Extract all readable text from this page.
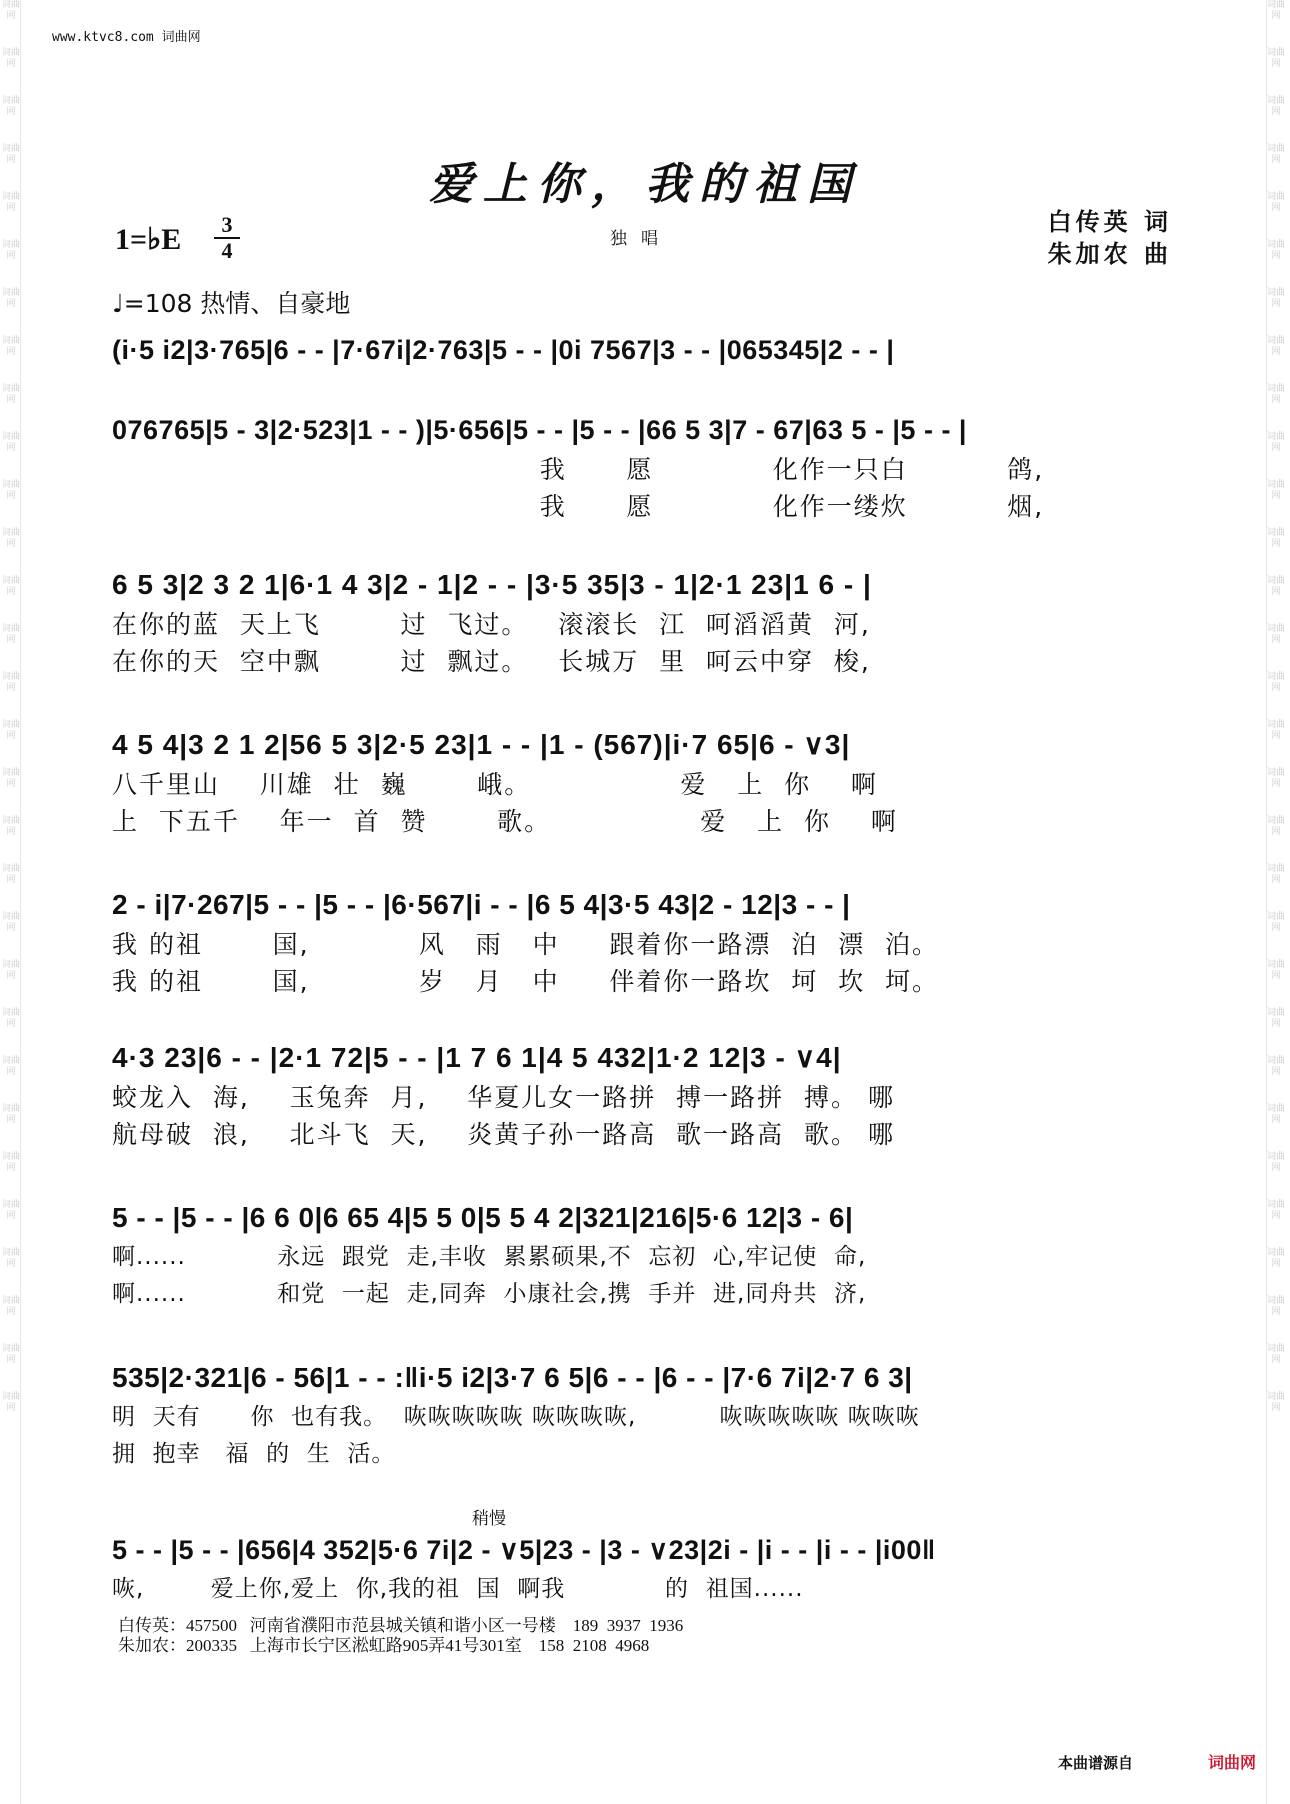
词曲网
词曲网
词曲网
词曲网
词曲网
词曲网
词曲网
词曲网
词曲网
词曲网
词曲网
词曲网
词曲网
词曲网
词曲网
词曲网
词曲网
词曲网
词曲网
词曲网
词曲网
词曲网
词曲网
词曲网
词曲网
词曲网
词曲网
词曲网
词曲网
词曲网
词曲网
词曲网
词曲网
词曲网
词曲网
词曲网
词曲网
词曲网
词曲网
词曲网
词曲网
词曲网
词曲网
词曲网
词曲网
词曲网
词曲网
词曲网
词曲网
词曲网
词曲网
词曲网
词曲网
词曲网
词曲网
词曲网
词曲网
词曲网
词曲网
词曲网
www.ktvc8.com 词曲网
爱上你，我的祖国
1=♭E	3
4	独唱
白传英 词
朱加农 曲
♩=108 热情、自豪地
(i·5 i2|3·765|6 - - |7·67i|2·763|5 - - |0i 7567|3 - - |065345|2 - - |
076765|5 - 3|2·523|1 - - )|5·656|5 - - |5 - - |66 5 3|7 - 67|63 5 - |5 - - |
我      愿            化作一只白          鸽,
我      愿            化作一缕炊          烟,
6 5 3|2 3 2 1|6·1 4 3|2 - 1|2 - - |3·5 35|3 - 1|2·1 23|1 6 - |
在你的蓝  天上飞        过  飞过。   滚滚长  江  呵滔滔黄  河,
在你的天  空中飘        过  飘过。   长城万  里  呵云中穿  梭,
4 5 4|3 2 1 2|56 5 3|2·5 23|1 - - |1 - (567)|i·7 65|6 - ∨3|
八千里山    川雄  壮  巍       峨。               爱   上  你    啊
上  下五千    年一  首  赞       歌。               爱   上  你    啊
2 - i|7·267|5 - - |5 - - |6·567|i - - |6 5 4|3·5 43|2 - 12|3 - - |
我 的祖       国,           风   雨   中     跟着你一路漂  泊  漂  泊。
我 的祖       国,           岁   月   中     伴着你一路坎  坷  坎  坷。
4·3 23|6 - - |2·1 72|5 - - |1 7 6 1|4 5 432|1·2 12|3 - ∨4|
蛟龙入  海,    玉兔奔  月,    华夏儿女一路拼  搏一路拼  搏。 哪
航母破  浪,    北斗飞  天,    炎黄子孙一路高  歌一路高  歌。 哪
5 - - |5 - - |6 6 0|6 65 4|5 5 0|5 5 4 2|321|216|5·6 12|3 - 6|
啊......           永远  跟党  走,丰收  累累硕果,不  忘初  心,牢记使  命,
啊......           和党  一起  走,同奔  小康社会,携  手并  进,同舟共  济,
535|2·321|6 - 56|1 - - :‖i·5 i2|3·7 6 5|6 - - |6 - - |7·6 7i|2·7 6 3|
明  天有      你  也有我。  咴咴咴咴咴 咴咴咴咴,          咴咴咴咴咴 咴咴咴
拥  抱幸   福  的  生  活。
稍慢
5 - - |5 - - |656|4 352|5·6 7i|2 - ∨5|23 - |3 - ∨23|2i - |i - - |i - - |i00‖
咴,        爱上你,爱上  你,我的祖  国  啊我            的  祖国......
白传英：457500   河南省濮阳市范县城关镇和谐小区一号楼    189  3937  1936
朱加农：200335   上海市长宁区淞虹路905弄41号301室    158  2108  4968
本曲谱源自	词曲网
